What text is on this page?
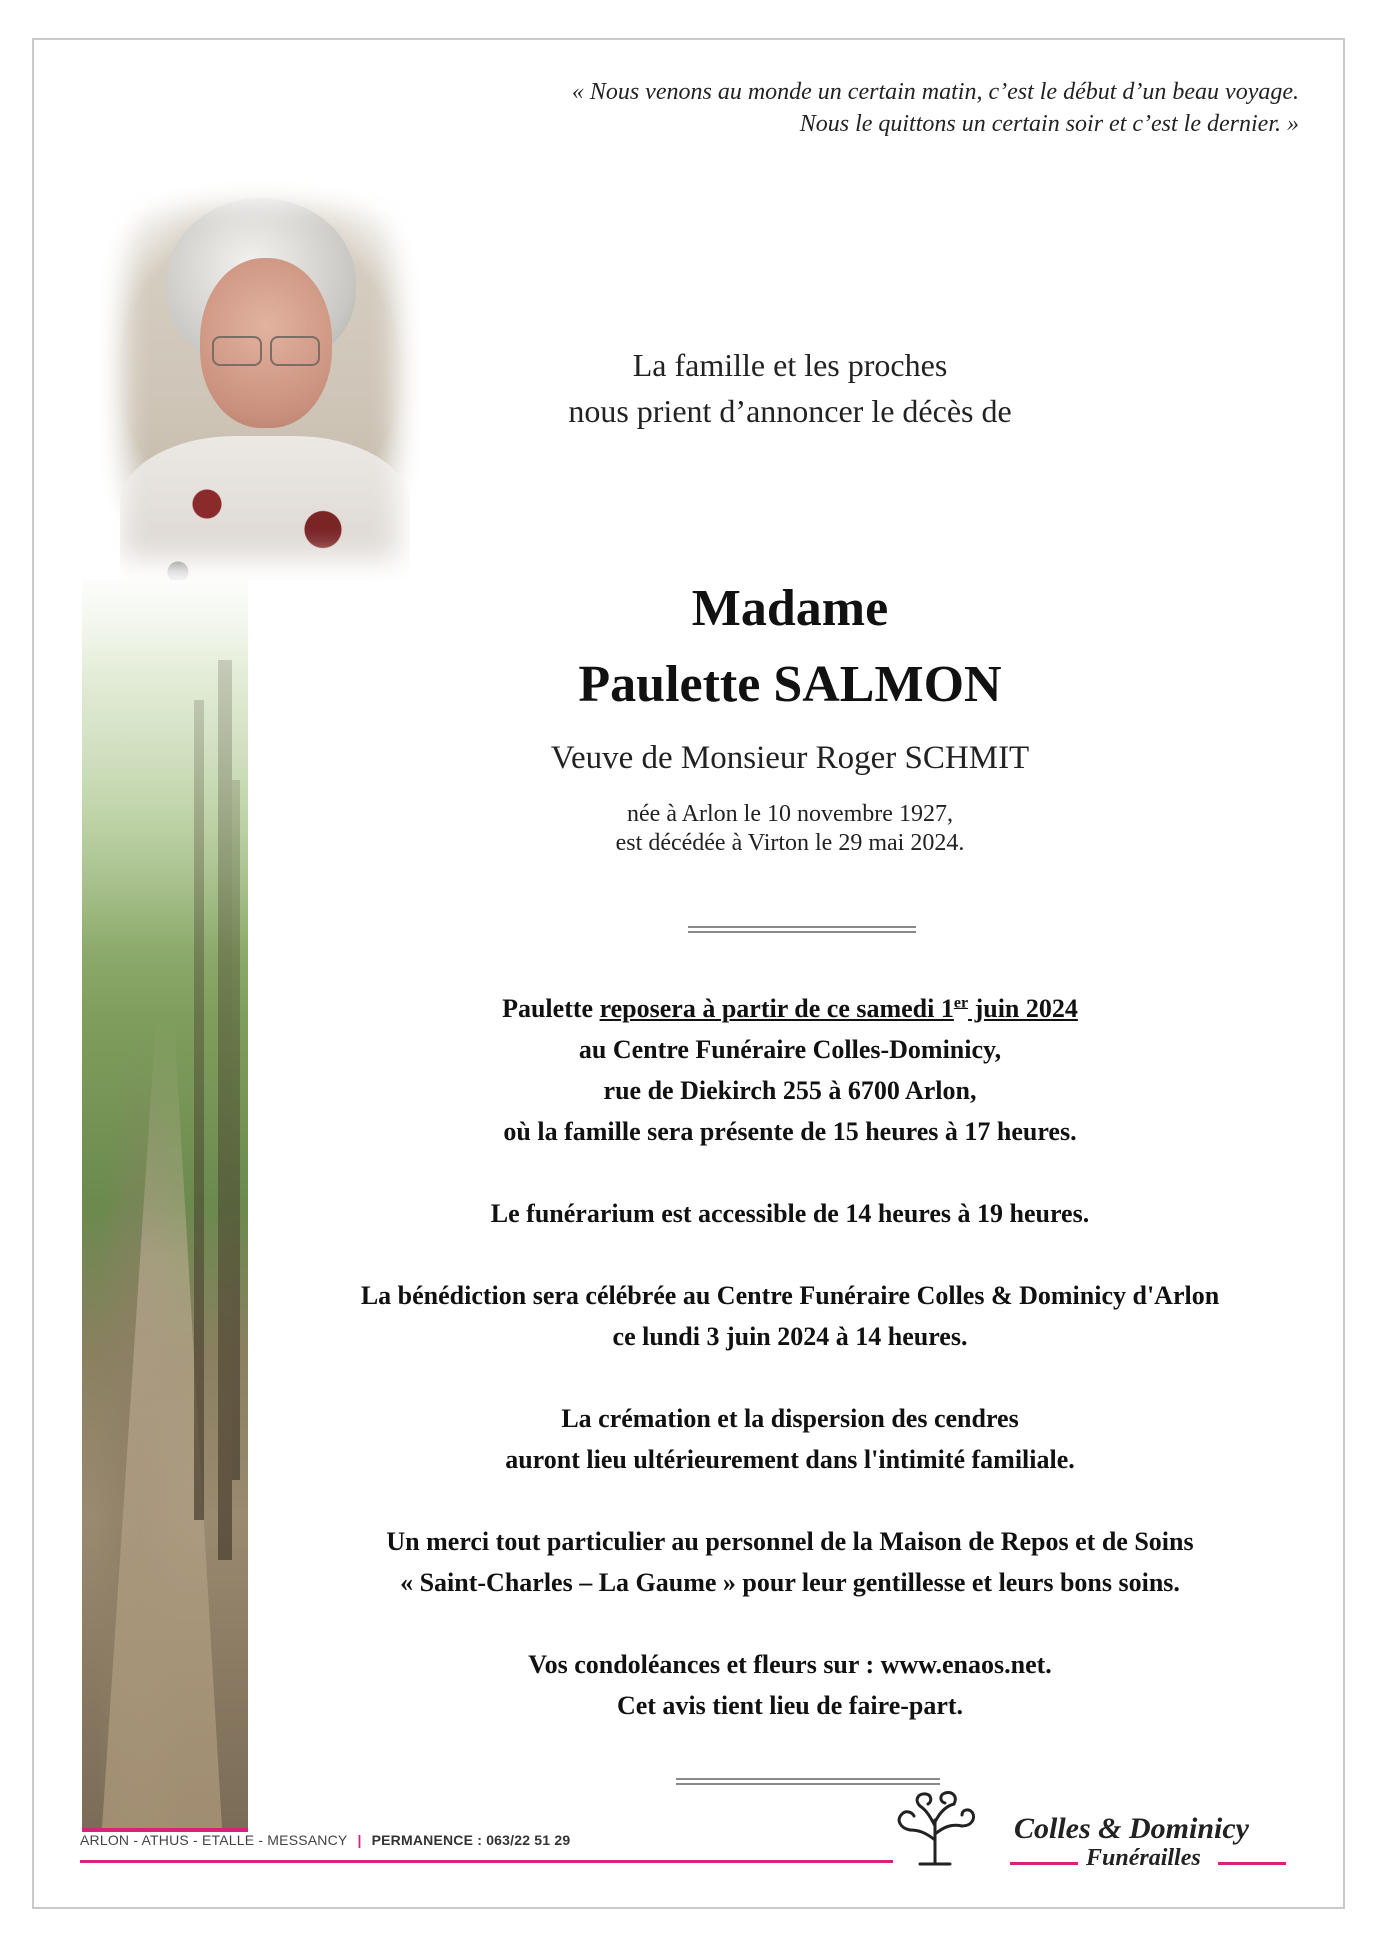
« Nous venons au monde un certain matin, c’est le début d’un beau voyage.
Nous le quittons un certain soir et c’est le dernier. »
La famille et les proches
nous prient d’annoncer le décès de
Madame
Paulette SALMON
Veuve de Monsieur Roger SCHMIT
née à Arlon le 10 novembre 1927,
est décédée à Virton le 29 mai 2024.
Paulette reposera à partir de ce samedi 1er juin 2024
au Centre Funéraire Colles-Dominicy,
rue de Diekirch 255 à 6700 Arlon,
où la famille sera présente de 15 heures à 17 heures.
Le funérarium est accessible de 14 heures à 19 heures.
La bénédiction sera célébrée au Centre Funéraire Colles & Dominicy d'Arlon
ce lundi 3 juin 2024 à 14 heures.
La crémation et la dispersion des cendres
auront lieu ultérieurement dans l'intimité familiale.
Un merci tout particulier au personnel de la Maison de Repos et de Soins
« Saint-Charles – La Gaume » pour leur gentillesse et leurs bons soins.
Vos condoléances et fleurs sur : www.enaos.net.
Cet avis tient lieu de faire-part.
ARLON - ATHUS - ETALLE - MESSANCY | PERMANENCE : 063/22 51 29	Colles & Dominicy
Funérailles
